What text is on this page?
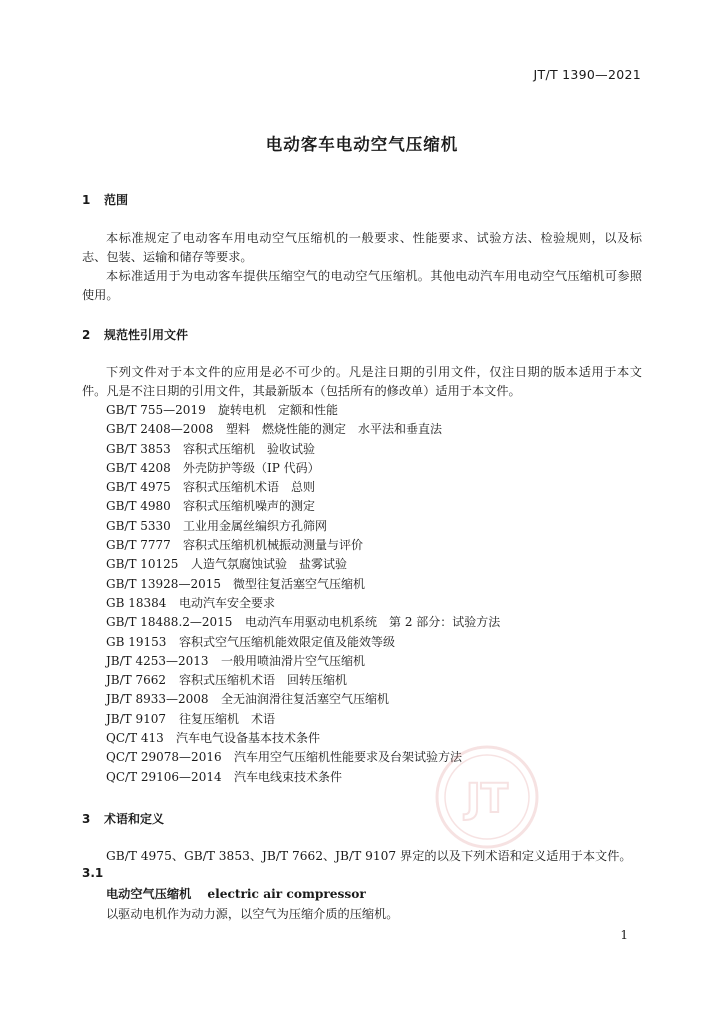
JT/T 1390—2021
电动客车电动空气压缩机
1 范围

本标准规定了电动客车用电动空气压缩机的一般要求、性能要求、试验方法、检验规则，以及标志、包装、运输和储存等要求。

本标准适用于为电动客车提供压缩空气的电动空气压缩机。其他电动汽车用电动空气压缩机可参照使用。

2 规范性引用文件

下列文件对于本文件的应用是必不可少的。凡是注日期的引用文件，仅注日期的版本适用于本文件。凡是不注日期的引用文件，其最新版本（包括所有的修改单）适用于本文件。

GB/T 755—2019 旋转电机　定额和性能
GB/T 2408—2008 塑料　燃烧性能的测定　水平法和垂直法
GB/T 3853 容积式压缩机　验收试验
GB/T 4208 外壳防护等级（IP 代码）
GB/T 4975 容积式压缩机术语　总则
GB/T 4980 容积式压缩机噪声的测定
GB/T 5330 工业用金属丝编织方孔筛网
GB/T 7777 容积式压缩机机械振动测量与评价
GB/T 10125 人造气氛腐蚀试验　盐雾试验
GB/T 13928—2015 微型往复活塞空气压缩机
GB 18384 电动汽车安全要求
GB/T 18488.2—2015 电动汽车用驱动电机系统　第 2 部分：试验方法
GB 19153 容积式空气压缩机能效限定值及能效等级
JB/T 4253—2013 一般用喷油滑片空气压缩机
JB/T 7662 容积式压缩机术语　回转压缩机
JB/T 8933—2008 全无油润滑往复活塞空气压缩机
JB/T 9107 往复压缩机　术语
QC/T 413 汽车电气设备基本技术条件
QC/T 29078—2016 汽车用空气压缩机性能要求及台架试验方法
QC/T 29106—2014 汽车电线束技术条件
3 术语和定义

GB/T 4975、GB/T 3853、JB/T 7662、JB/T 9107 界定的以及下列术语和定义适用于本文件。

3.1
电动空气压缩机 electric air compressor
以驱动电机作为动力源，以空气为压缩介质的压缩机。
1
JT
